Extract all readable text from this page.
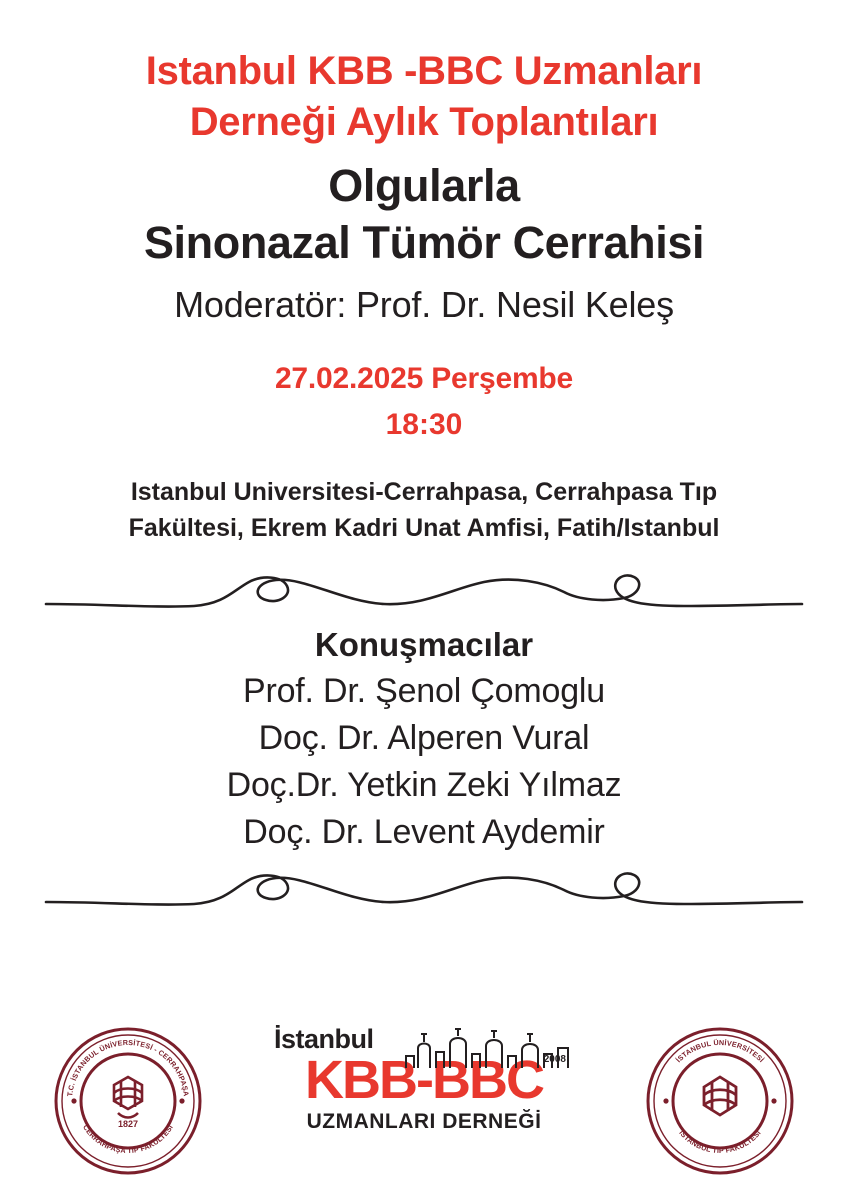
Istanbul KBB -BBC Uzmanları
Derneği Aylık Toplantıları
Olgularla
Sinonazal Tümör Cerrahisi
Moderatör: Prof. Dr. Nesil Keleş
27.02.2025 Perşembe
18:30
Istanbul Universitesi-Cerrahpasa, Cerrahpasa Tıp
Fakültesi, Ekrem Kadri Unat Amfisi, Fatih/Istanbul
Konuşmacılar
Prof. Dr. Şenol Çomoglu
Doç. Dr. Alperen Vural
Doç.Dr. Yetkin Zeki Yılmaz
Doç. Dr. Levent Aydemir
T.C. İSTANBUL ÜNİVERSİTESİ - CERRAHPAŞA
CERRAHPAŞA TIP FAKÜLTESİ
1827
İstanbul
KBB-BBC
UZMANLARI DERNEĞİ
2008	İSTANBUL ÜNİVERSİTESİ
İSTANBUL TIP FAKÜLTESİ
